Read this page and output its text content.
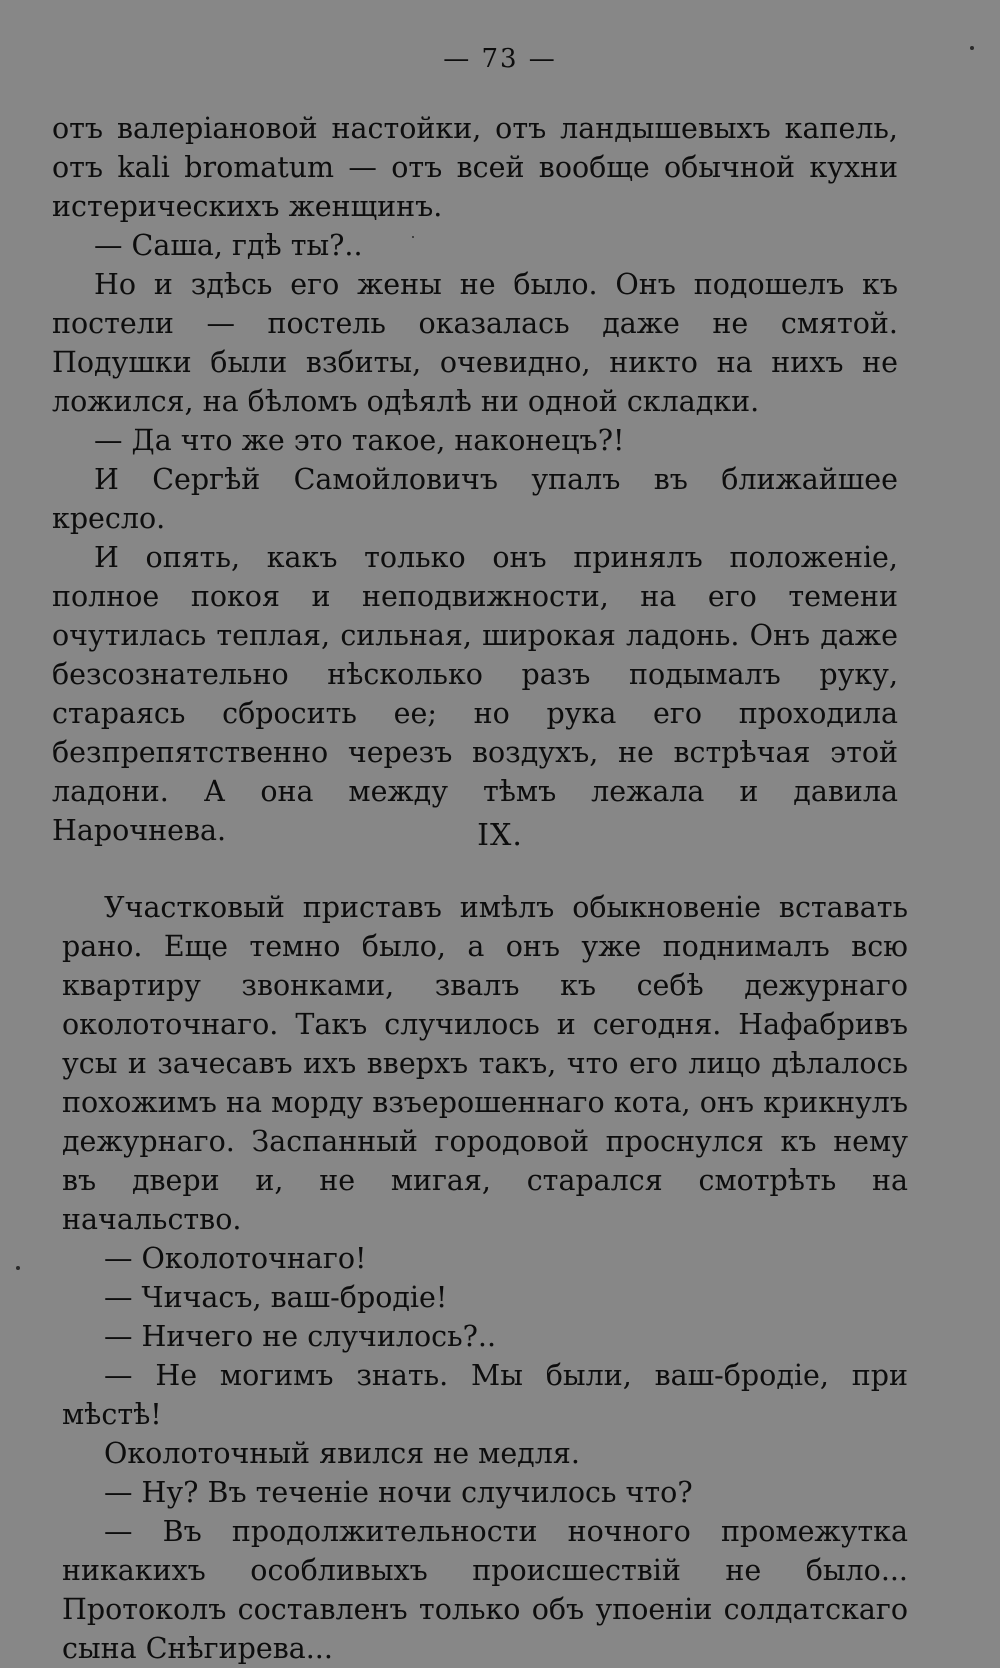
— 73 —

отъ валеріановой настойки, отъ ландышевыхъ капель, отъ kali bromatum — отъ всей вообще обычной кухни истерическихъ женщинъ.

— Саша, гдѣ ты?..

Но и здѣсь его жены не было. Онъ подошелъ къ постели — постель оказалась даже не смятой. Подушки были взбиты, очевидно, никто на нихъ не ложился, на бѣломъ одѣялѣ ни одной складки.

— Да что же это такое, наконецъ?!

И Сергѣй Самойловичъ упалъ въ ближайшее кресло.

И опять, какъ только онъ принялъ положеніе, полное покоя и неподвижности, на его темени очутилась теплая, сильная, широкая ладонь. Онъ даже безсознательно нѣсколько разъ подымалъ руку, стараясь сбросить ее; но рука его проходила безпрепятственно черезъ воздухъ, не встрѣчая этой ладони. А она между тѣмъ лежала и давила Нарочнева.	IX.

Участковый приставъ имѣлъ обыкновеніе вставать рано. Еще темно было, а онъ уже поднималъ всю квартиру звонками, звалъ къ себѣ дежурнаго околоточнаго. Такъ случилось и сегодня. Нафабривъ усы и зачесавъ ихъ вверхъ такъ, что его лицо дѣлалось похожимъ на морду взъерошеннаго кота, онъ крикнулъ дежурнаго. Заспанный городовой проснулся къ нему въ двери и, не мигая, старался смотрѣть на начальство.

— Околоточнаго!

— Чичасъ, ваш-бродіе!

— Ничего не случилось?..

— Не могимъ знать. Мы были, ваш-бродіе, при мѣстѣ!

Околоточный явился не медля.

— Ну? Въ теченіе ночи случилось что?

— Въ продолжительности ночного промежутка никакихъ особливыхъ происшествій не было... Протоколъ составленъ только объ упоеніи солдатскаго сына Снѣгирева...
